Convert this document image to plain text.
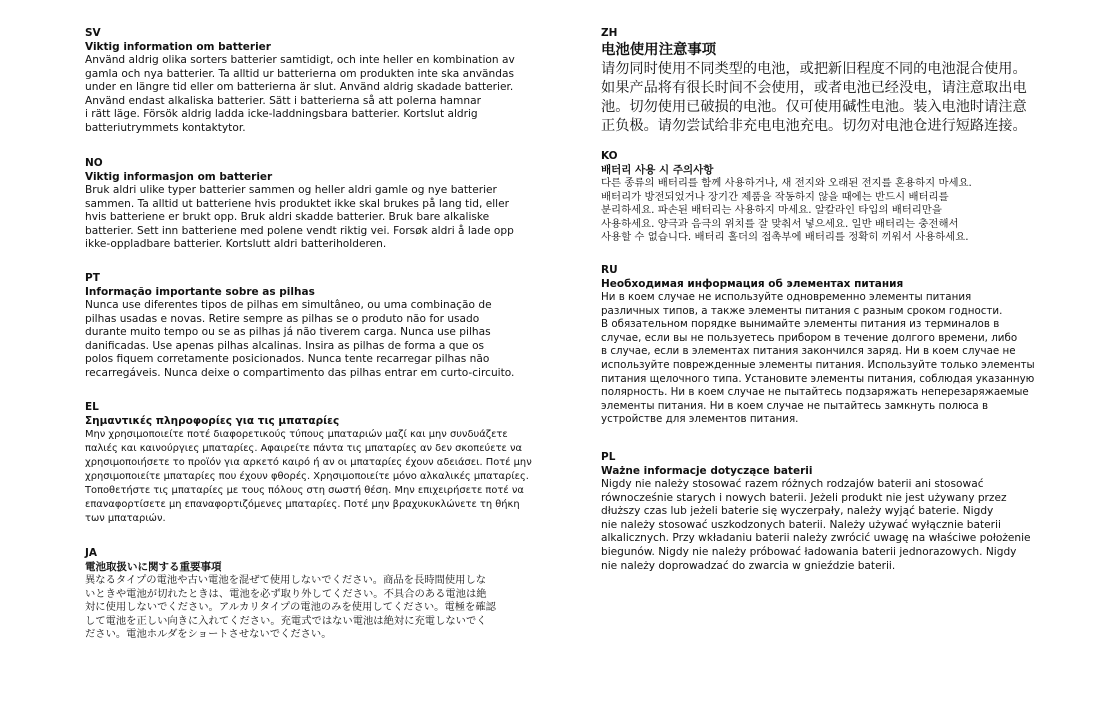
SV
Viktig information om batterier
Använd aldrig olika sorters batterier samtidigt, och inte heller en kombination av
gamla och nya batterier. Ta alltid ur batterierna om produkten inte ska användas
under en längre tid eller om batterierna är slut. Använd aldrig skadade batterier.
Använd endast alkaliska batterier. Sätt i batterierna så att polerna hamnar
i rätt läge. Försök aldrig ladda icke-laddningsbara batterier. Kortslut aldrig
batteriutrymmets kontaktytor.
NO
Viktig informasjon om batterier
Bruk aldri ulike typer batterier sammen og heller aldri gamle og nye batterier
sammen. Ta alltid ut batteriene hvis produktet ikke skal brukes på lang tid, eller
hvis batteriene er brukt opp. Bruk aldri skadde batterier. Bruk bare alkaliske
batterier. Sett inn batteriene med polene vendt riktig vei. Forsøk aldri å lade opp
ikke-oppladbare batterier. Kortslutt aldri batteriholderen.
PT
Informação importante sobre as pilhas
Nunca use diferentes tipos de pilhas em simultâneo, ou uma combinação de
pilhas usadas e novas. Retire sempre as pilhas se o produto não for usado
durante muito tempo ou se as pilhas já não tiverem carga. Nunca use pilhas
danificadas. Use apenas pilhas alcalinas. Insira as pilhas de forma a que os
polos fiquem corretamente posicionados. Nunca tente recarregar pilhas não
recarregáveis. Nunca deixe o compartimento das pilhas entrar em curto-circuito.
EL
Σημαντικές πληροφορίες για τις μπαταρίες
Μην χρησιμοποιείτε ποτέ διαφορετικούς τύπους μπαταριών μαζί και μην συνδυάζετε
παλιές και καινούργιες μπαταρίες. Αφαιρείτε πάντα τις μπαταρίες αν δεν σκοπεύετε να
χρησιμοποιήσετε το προϊόν για αρκετό καιρό ή αν οι μπαταρίες έχουν αδειάσει. Ποτέ μην
χρησιμοποιείτε μπαταρίες που έχουν φθορές. Χρησιμοποιείτε μόνο αλκαλικές μπαταρίες.
Τοποθετήστε τις μπαταρίες με τους πόλους στη σωστή θέση. Μην επιχειρήσετε ποτέ να
επαναφορτίσετε μη επαναφορτιζόμενες μπαταρίες. Ποτέ μην βραχυκυκλώνετε τη θήκη
των μπαταριών.
JA
電池取扱いに関する重要事項
異なるタイプの電池や古い電池を混ぜて使用しないでください。商品を長時間使用しな
いときや電池が切れたときは、電池を必ず取り外してください。不具合のある電池は絶
対に使用しないでください。アルカリタイプの電池のみを使用してください。電極を確認
して電池を正しい向きに入れてください。充電式ではない電池は絶対に充電しないでく
ださい。電池ホルダをショートさせないでください。
ZH
电池使用注意事项
请勿同时使用不同类型的电池，或把新旧程度不同的电池混合使用。
如果产品将有很长时间不会使用，或者电池已经没电，请注意取出电
池。切勿使用已破损的电池。仅可使用碱性电池。装入电池时请注意
正负极。请勿尝试给非充电电池充电。切勿对电池仓进行短路连接。
KO
배터리 사용 시 주의사항
다른 종류의 배터리를 함께 사용하거나, 새 전지와 오래된 전지를 혼용하지 마세요.
배터리가 방전되었거나 장기간 제품을 작동하지 않을 때에는 반드시 배터리를
분리하세요. 파손된 배터리는 사용하지 마세요. 알칼라인 타입의 배터리만을
사용하세요. 양극과 음극의 위치를 잘 맞춰서 넣으세요. 일반 배터리는 충전해서
사용할 수 없습니다. 배터리 홀더의 접촉부에 배터리를 정확히 끼워서 사용하세요.
RU
Необходимая информация об элементах питания
Ни в коем случае не используйте одновременно элементы питания
различных типов, а также элементы питания с разным сроком годности.
В обязательном порядке вынимайте элементы питания из терминалов в
случае, если вы не пользуетесь прибором в течение долгого времени, либо
в случае, если в элементах питания закончился заряд. Ни в коем случае не
используйте поврежденные элементы питания. Используйте только элементы
питания щелочного типа. Установите элементы питания, соблюдая указанную
полярность. Ни в коем случае не пытайтесь подзаряжать неперезаряжаемые
элементы питания. Ни в коем случае не пытайтесь замкнуть полюса в
устройстве для элементов питания.
PL
Ważne informacje dotyczące baterii
Nigdy nie należy stosować razem różnych rodzajów baterii ani stosować
równocześnie starych i nowych baterii. Jeżeli produkt nie jest używany przez
dłuższy czas lub jeżeli baterie się wyczerpały, należy wyjąć baterie. Nigdy
nie należy stosować uszkodzonych baterii. Należy używać wyłącznie baterii
alkalicznych. Przy wkładaniu baterii należy zwrócić uwagę na właściwe położenie
biegunów. Nigdy nie należy próbować ładowania baterii jednorazowych. Nigdy
nie należy doprowadzać do zwarcia w gnieździe baterii.
